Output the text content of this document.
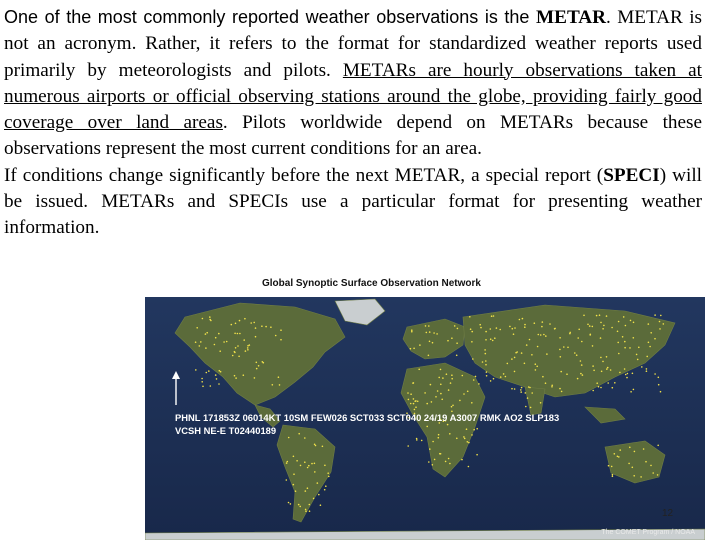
One of the most commonly reported weather observations is the METAR. METAR is not an acronym. Rather, it refers to the format for standardized weather reports used primarily by meteorologists and pilots. METARs are hourly observations taken at numerous airports or official observing stations around the globe, providing fairly good coverage over land areas. Pilots worldwide depend on METARs because these observations represent the most current conditions for an area.

If conditions change significantly before the next METAR, a special report (SPECI) will be issued. METARs and SPECIs use a particular format for presenting weather information.

Global Synoptic Surface Observation Network
PHNL 171853Z 06014KT 10SM FEW026 SCT033 SCT040 24/19 A3007 RMK AO2 SLP183
VCSH NE-E T02440189
The COMET Program / NOAA
12
